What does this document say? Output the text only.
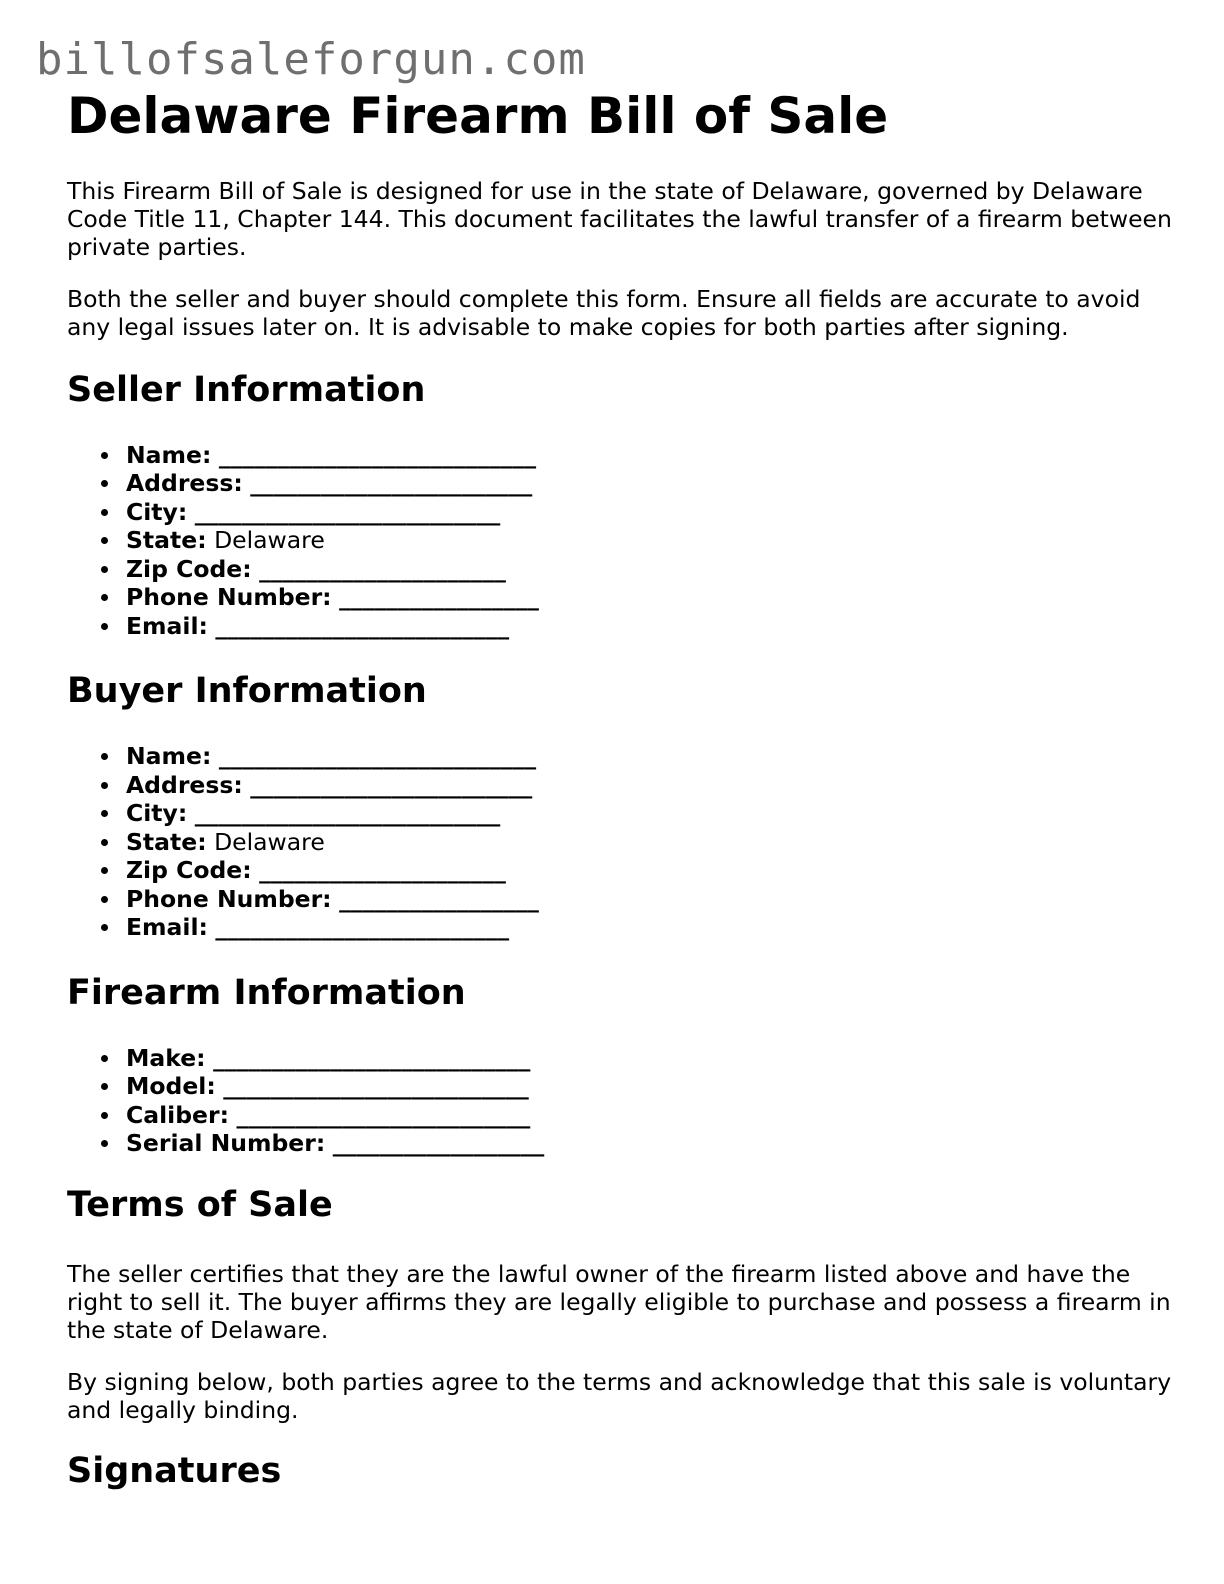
billofsaleforgun.com
Delaware Firearm Bill of Sale

This Firearm Bill of Sale is designed for use in the state of Delaware, governed by Delaware Code Title 11, Chapter 144. This document facilitates the lawful transfer of a firearm between private parties.

Both the seller and buyer should complete this form. Ensure all fields are accurate to avoid any legal issues later on. It is advisable to make copies for both parties after signing.

Seller Information
Name: ___________________________
Address: ________________________
City: __________________________
State: Delaware
Zip Code: _____________________
Phone Number: _________________
Email: _________________________
Buyer Information
Name: ___________________________
Address: ________________________
City: __________________________
State: Delaware
Zip Code: _____________________
Phone Number: _________________
Email: _________________________
Firearm Information
Make: ___________________________
Model: __________________________
Caliber: _________________________
Serial Number: __________________
Terms of Sale

The seller certifies that they are the lawful owner of the firearm listed above and have the right to sell it. The buyer affirms they are legally eligible to purchase and possess a firearm in the state of Delaware.

By signing below, both parties agree to the terms and acknowledge that this sale is voluntary and legally binding.

Signatures
